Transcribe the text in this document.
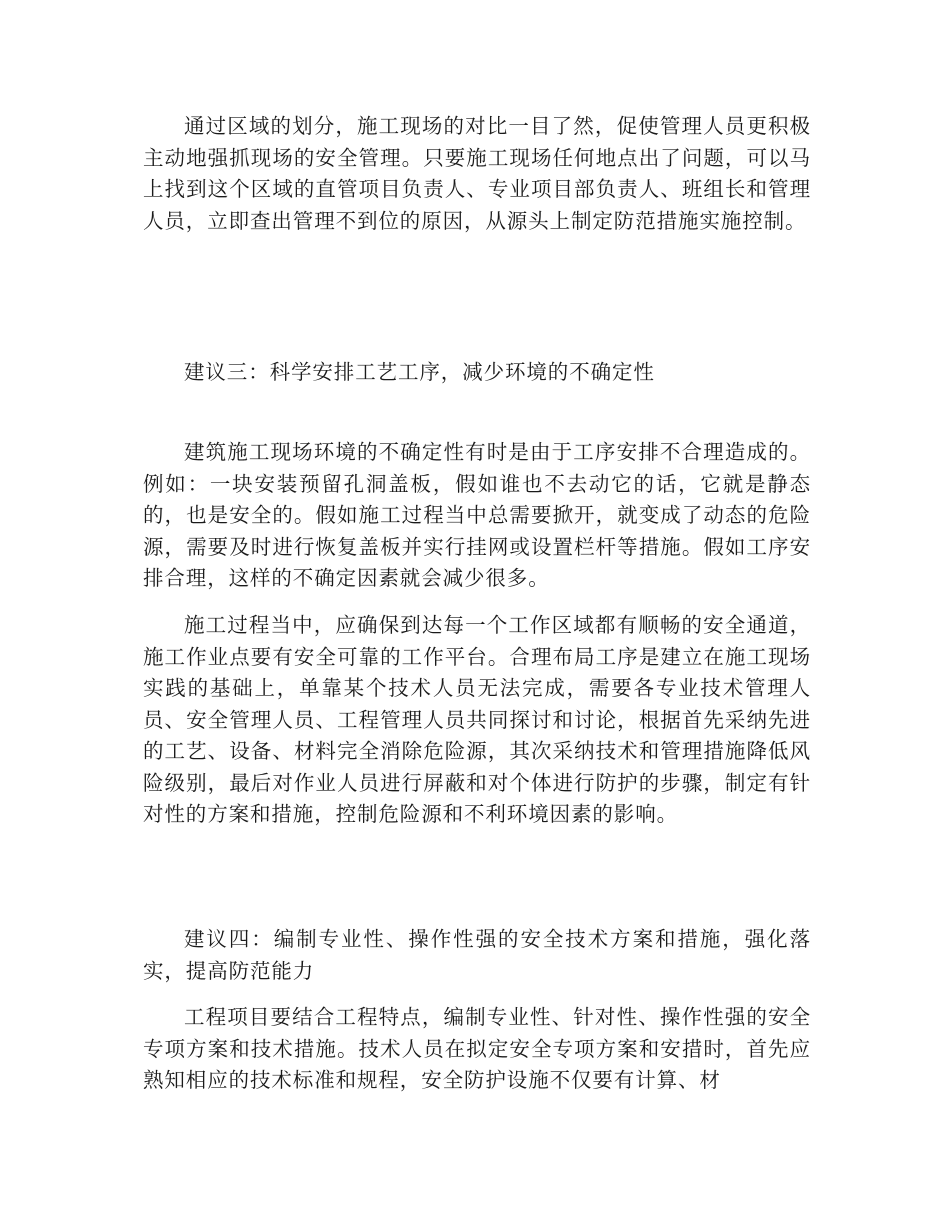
通过区域的划分，施工现场的对比一目了然，促使管理人员更积极主动地强抓现场的安全管理。只要施工现场任何地点出了问题，可以马上找到这个区域的直管项目负责人、专业项目部负责人、班组长和管理人员，立即查出管理不到位的原因，从源头上制定防范措施实施控制。

建议三：科学安排工艺工序，减少环境的不确定性

建筑施工现场环境的不确定性有时是由于工序安排不合理造成的。例如：一块安装预留孔洞盖板，假如谁也不去动它的话，它就是静态的，也是安全的。假如施工过程当中总需要掀开，就变成了动态的危险源，需要及时进行恢复盖板并实行挂网或设置栏杆等措施。假如工序安排合理，这样的不确定因素就会减少很多。

施工过程当中，应确保到达每一个工作区域都有顺畅的安全通道，施工作业点要有安全可靠的工作平台。合理布局工序是建立在施工现场实践的基础上，单靠某个技术人员无法完成，需要各专业技术管理人员、安全管理人员、工程管理人员共同探讨和讨论，根据首先采纳先进的工艺、设备、材料完全消除危险源，其次采纳技术和管理措施降低风险级别，最后对作业人员进行屏蔽和对个体进行防护的步骤，制定有针对性的方案和措施，控制危险源和不利环境因素的影响。

建议四：编制专业性、操作性强的安全技术方案和措施，强化落实，提高防范能力

工程项目要结合工程特点，编制专业性、针对性、操作性强的安全专项方案和技术措施。技术人员在拟定安全专项方案和安措时，首先应熟知相应的技术标准和规程，安全防护设施不仅要有计算、材
